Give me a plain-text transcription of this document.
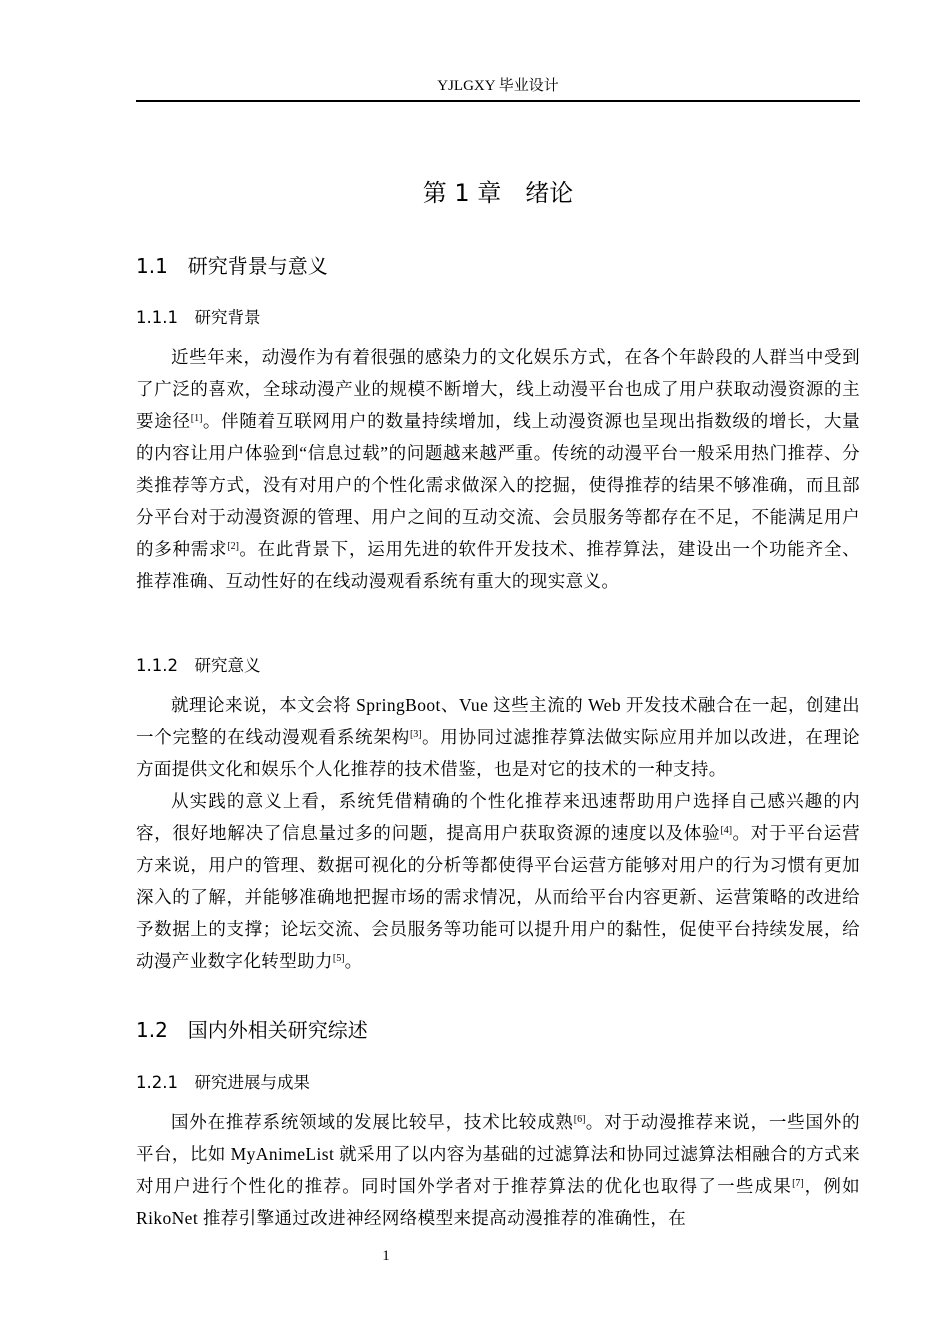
YJLGXY 毕业设计
第 1 章　绪论
1.1　研究背景与意义
1.1.1　研究背景

近些年来，动漫作为有着很强的感染力的文化娱乐方式，在各个年龄段的人群当中受到了广泛的喜欢，全球动漫产业的规模不断增大，线上动漫平台也成了用户获取动漫资源的主要途径[1]。伴随着互联网用户的数量持续增加，线上动漫资源也呈现出指数级的增长，大量的内容让用户体验到“信息过载”的问题越来越严重。传统的动漫平台一般采用热门推荐、分类推荐等方式，没有对用户的个性化需求做深入的挖掘，使得推荐的结果不够准确，而且部分平台对于动漫资源的管理、用户之间的互动交流、会员服务等都存在不足，不能满足用户的多种需求[2]。在此背景下，运用先进的软件开发技术、推荐算法，建设出一个功能齐全、推荐准确、互动性好的在线动漫观看系统有重大的现实意义。

1.1.2　研究意义

就理论来说，本文会将 SpringBoot、Vue 这些主流的 Web 开发技术融合在一起，创建出一个完整的在线动漫观看系统架构[3]。用协同过滤推荐算法做实际应用并加以改进，在理论方面提供文化和娱乐个人化推荐的技术借鉴，也是对它的技术的一种支持。

从实践的意义上看，系统凭借精确的个性化推荐来迅速帮助用户选择自己感兴趣的内容，很好地解决了信息量过多的问题，提高用户获取资源的速度以及体验[4]。对于平台运营方来说，用户的管理、数据可视化的分析等都使得平台运营方能够对用户的行为习惯有更加深入的了解，并能够准确地把握市场的需求情况，从而给平台内容更新、运营策略的改进给予数据上的支撑；论坛交流、会员服务等功能可以提升用户的黏性，促使平台持续发展，给动漫产业数字化转型助力[5]。

1.2　国内外相关研究综述
1.2.1　研究进展与成果

国外在推荐系统领域的发展比较早，技术比较成熟[6]。对于动漫推荐来说，一些国外的平台，比如 MyAnimeList 就采用了以内容为基础的过滤算法和协同过滤算法相融合的方式来对用户进行个性化的推荐。同时国外学者对于推荐算法的优化也取得了一些成果[7]，例如 RikoNet 推荐引擎通过改进神经网络模型来提高动漫推荐的准确性，在

1
